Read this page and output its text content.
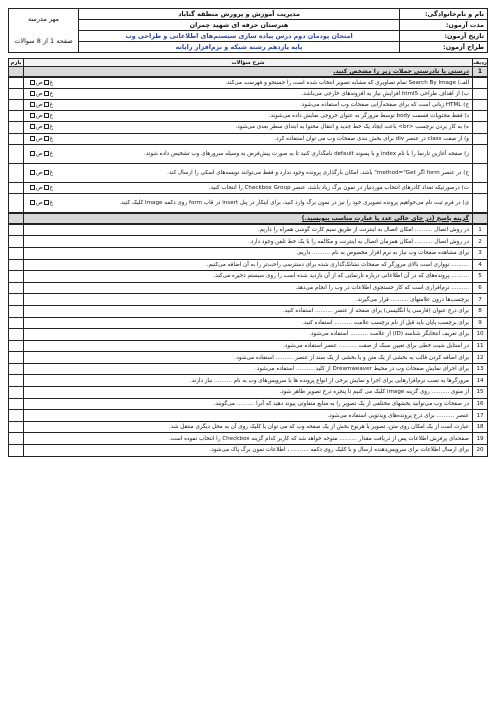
نام و نام‌خانوادگی:	مدیریت آموزش و پرورش منطقه گناباد	مهر مدرسه
صفحه 1 از 8 سوالات

مدت آزمون:	هنرستان حرفه ای شهید چمران	
تاریخ آزمون:	امتحان پودمان دوم درس پیاده سازی سیستم‌های اطلاعاتی و طراحی وب	
طراح آزمون:	پایه یازدهم رشته شبکه و نرم‌افزار رایانه	
ردیف	شرح سؤالات	بارم
1	درستی یا نادرستی جملات زیر را مشخص کنید.	

	غص الف) Search By Image تمام تصاویری که مشابه تصویر انتخاب شده است را جستجو و فهرست می‌کند.	

	غص ب) از اهداف طراحی html5 افزایش نیاز به افزونه‌های خارجی می‌باشد.	

	غص ج) HTML زبانی است که برای صفحه‌آرایی صفحات وب استفاده می‌شود.	

	غص د) فقط محتویات قسمت body توسط مرورگر به عنوان خروجی نمایش داده می‌شوند.	

	غص ه) به کار بردن برچسب <br> باعث ایجاد یک خط جدید و انتقال محتوا به ابتدای سطر بعدی می‌شود.	

	غص و) از صفت class در عنصر div برای بخش بندی صفحات وب می توان استفاده کرد.	

	غص ز) صفحه آغازین تارنما را با نام index و با پسوند default نامگذاری کنید تا به صورت پیش‌فرض به وسیله سرورهای وب تشخیص داده شوند.	

	غص ح) در عنصر form اگر method="Get" باشد، امکان بارگذاری پرونده وجود ندارد و فقط می‌توانند نویسه‌های اسکی را ارسال کند.	

	غص ت) درصورتیکه تعداد کادرهای انتخاب موردنیاز در نمون برگ زیاد باشد، عنصر Checkbox Group را انتخاب کنید.	

	غص ی) در فرم ثبت نام می‌خواهیم پرونده تصویری خود را نیز در نمون برگ وارد کنید، برای اینکار در پنل insert در قاب form روی دکمه Image کلیک کنید.	
	گزینه پاسخ (در جای خالی عدد یا عبارت مناسب بنویسید.)	
1	در روش اتصال .......... امکان اتصال به اینترنت از طریق سیم کارت گوشی همراه را داریم.	
2	در روش اتصال .......... امکان همزمان اتصال به اینترنت و مکالمه را با یک خط تلفن وجود دارد.	
3	برای مشاهده صفحات وب نیاز به نرم افزار مخصوص به نام .......... داریم.	
4	.......... نوواری است بالای مرورگر که صفحات نشانک‌گذاری شده برای دسترسی راحت‌تر را به آن اضافه می‌کنیم.	
5	.......... پرونده‌های که در آن اطلاعاتی درباره تارنمایی که از آن بازدید شده است را روی سیستم ذخیره می‌کند.	
6	.......... نرم‌افزاری است که کار جستجوی اطلاعات در وب را انجام می‌دهد.	
7	برچسب‌ها درون علامتهای .......... قرار می‌گیرند.	
8	برای درج عنوان (فارسی یا انگلیسی) برای صفحه از عنصر .......... استفاده کنید.	
9	برای برچسب پایان باید قبل از نام برچسب علامت .......... استفاده کنید.	
10	برای تعریف انتخابگر شناسه (ID) از علامت .......... استفاده می‌شود.	
11	در استایل شیت خطی برای تعیین سبک از صفت .......... عنصر استفاده می‌شود.	
12	برای اضافه کردن قالب به بخشی از یک متن و یا بخشی از یک سند از عنصر .......... استفاده می‌شود.	
13	برای اجرای نمایش صفحات وب در محیط Dreamweaver از کلید .......... استفاده می‌شود.	
14	مرورگرها به نصب نرم‌افزارهایی برای اجرا و نمایش برخی از انواع پرونده ها یا سرویس‌های وب به نام .......... نیاز دارند.	
15	از منوی .......... روی گزینه image کلیک می کنیم تا پنجره درج تصویر ظاهر شود.	
16	در صفحات وب می‌توانید بخشهای مختلفی از یک تصویر را به منابع متفاوتی پیوند دهید که آنرا .......... می‌گویند.	
17	عنصر .......... برای درج پرونده‌های ویدئویی استفاده می‌شود.	
18	عبارت است از یک امکان روی متن، تصویر یا هرنوع بخش از یک صفحه وب که می توان با کلیک روی آن به محل دیگری منتقل شد.	
19	صفحه‌ای پرفرش اطلاعات پس از دریافت مقدار .......... متوجه خواهد شد که کاربر کدام گزینه Checkbox را انتخاب نموده است.	
20	برای ارسال اطلاعات برای سرویس‌دهنده ارسال و با کلیک روی دکمه .......... ، اطلاعات نمون برگ پاک می‌شود.	
